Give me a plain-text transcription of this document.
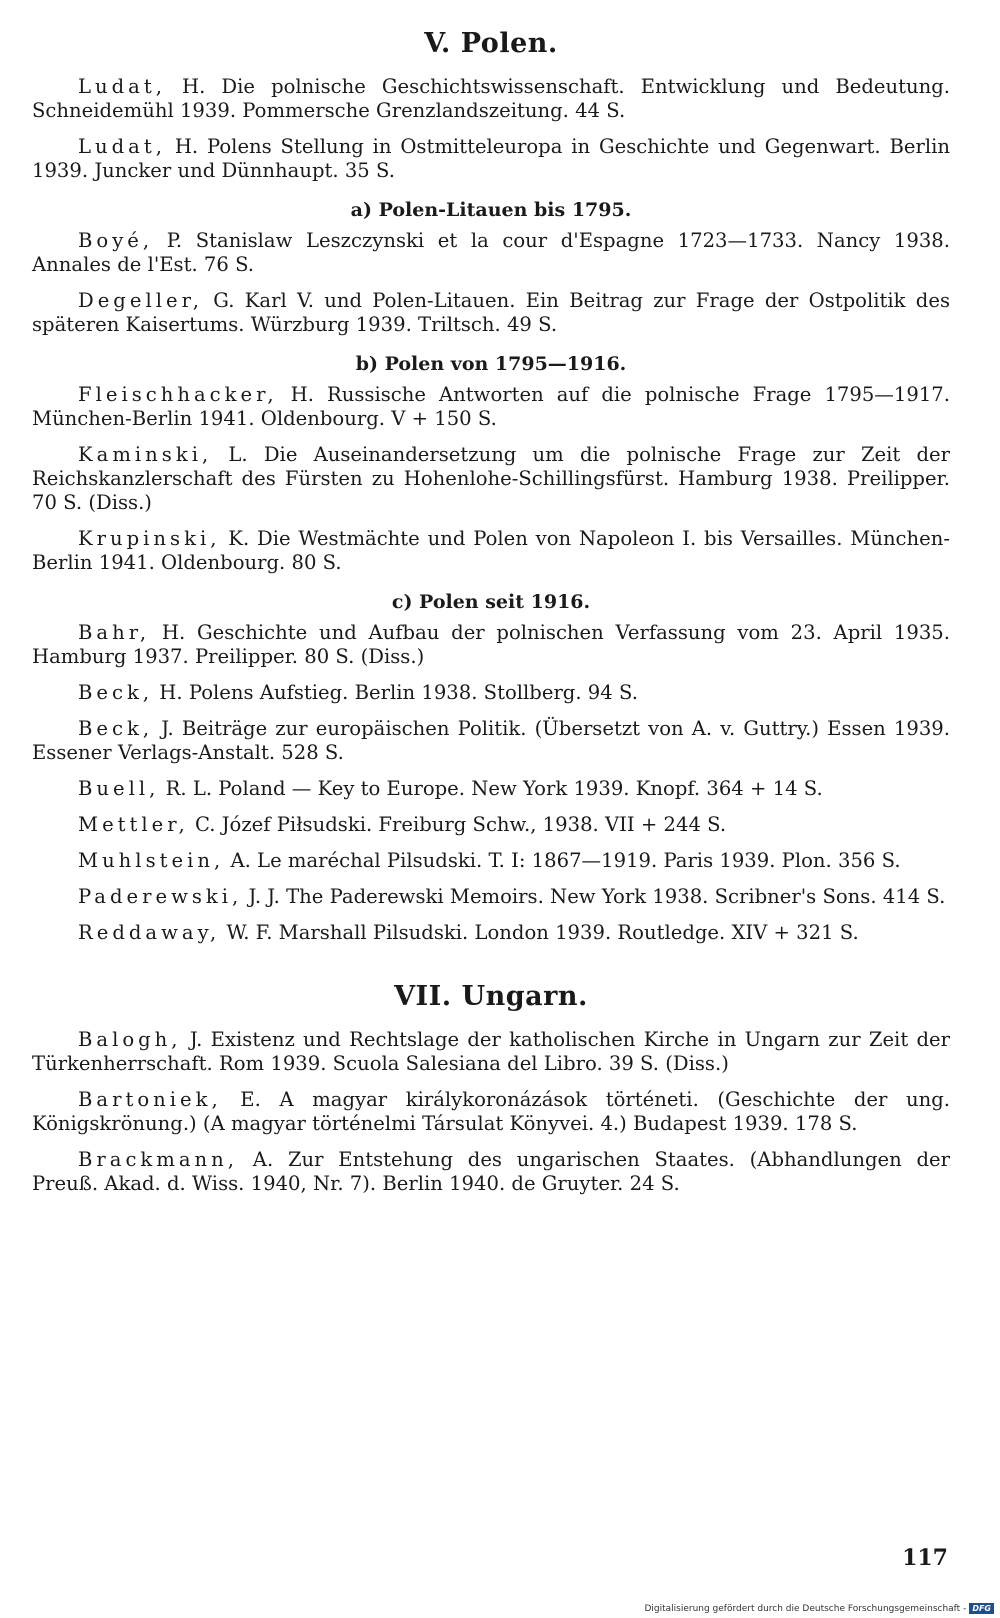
V. Polen.

Ludat, H. Die polnische Geschichtswissenschaft. Entwicklung und Bedeutung. Schneidemühl 1939. Pommersche Grenzlandszeitung. 44 S.

Ludat, H. Polens Stellung in Ostmitteleuropa in Geschichte und Gegenwart. Berlin 1939. Juncker und Dünnhaupt. 35 S.

a) Polen-Litauen bis 1795.

Boyé, P. Stanislaw Leszczynski et la cour d'Espagne 1723—1733. Nancy 1938. Annales de l'Est. 76 S.

Degeller, G. Karl V. und Polen-Litauen. Ein Beitrag zur Frage der Ostpolitik des späteren Kaisertums. Würzburg 1939. Triltsch. 49 S.

b) Polen von 1795—1916.

Fleischhacker, H. Russische Antworten auf die polnische Frage 1795—1917. München-Berlin 1941. Oldenbourg. V + 150 S.

Kaminski, L. Die Auseinandersetzung um die polnische Frage zur Zeit der Reichskanzlerschaft des Fürsten zu Hohenlohe-Schillingsfürst. Hamburg 1938. Preilipper. 70 S. (Diss.)

Krupinski, K. Die Westmächte und Polen von Napoleon I. bis Versailles. München-Berlin 1941. Oldenbourg. 80 S.

c) Polen seit 1916.

Bahr, H. Geschichte und Aufbau der polnischen Verfassung vom 23. April 1935. Hamburg 1937. Preilipper. 80 S. (Diss.)

Beck, H. Polens Aufstieg. Berlin 1938. Stollberg. 94 S.

Beck, J. Beiträge zur europäischen Politik. (Übersetzt von A. v. Guttry.) Essen 1939. Essener Verlags-Anstalt. 528 S.

Buell, R. L. Poland — Key to Europe. New York 1939. Knopf. 364 + 14 S.

Mettler, C. Józef Piłsudski. Freiburg Schw., 1938. VII + 244 S.

Muhlstein, A. Le maréchal Pilsudski. T. I: 1867—1919. Paris 1939. Plon. 356 S.

Paderewski, J. J. The Paderewski Memoirs. New York 1938. Scribner's Sons. 414 S.

Reddaway, W. F. Marshall Pilsudski. London 1939. Routledge. XIV + 321 S.

VII. Ungarn.

Balogh, J. Existenz und Rechtslage der katholischen Kirche in Ungarn zur Zeit der Türkenherrschaft. Rom 1939. Scuola Salesiana del Libro. 39 S. (Diss.)

Bartoniek, E. A magyar királykoronázások történeti. (Geschichte der ung. Königskrönung.) (A magyar történelmi Társulat Könyvei. 4.) Budapest 1939. 178 S.

Brackmann, A. Zur Entstehung des ungarischen Staates. (Abhandlungen der Preuß. Akad. d. Wiss. 1940, Nr. 7). Berlin 1940. de Gruyter. 24 S.

117
Digitalisierung gefördert durch die Deutsche Forschungsgemeinschaft - DFG
